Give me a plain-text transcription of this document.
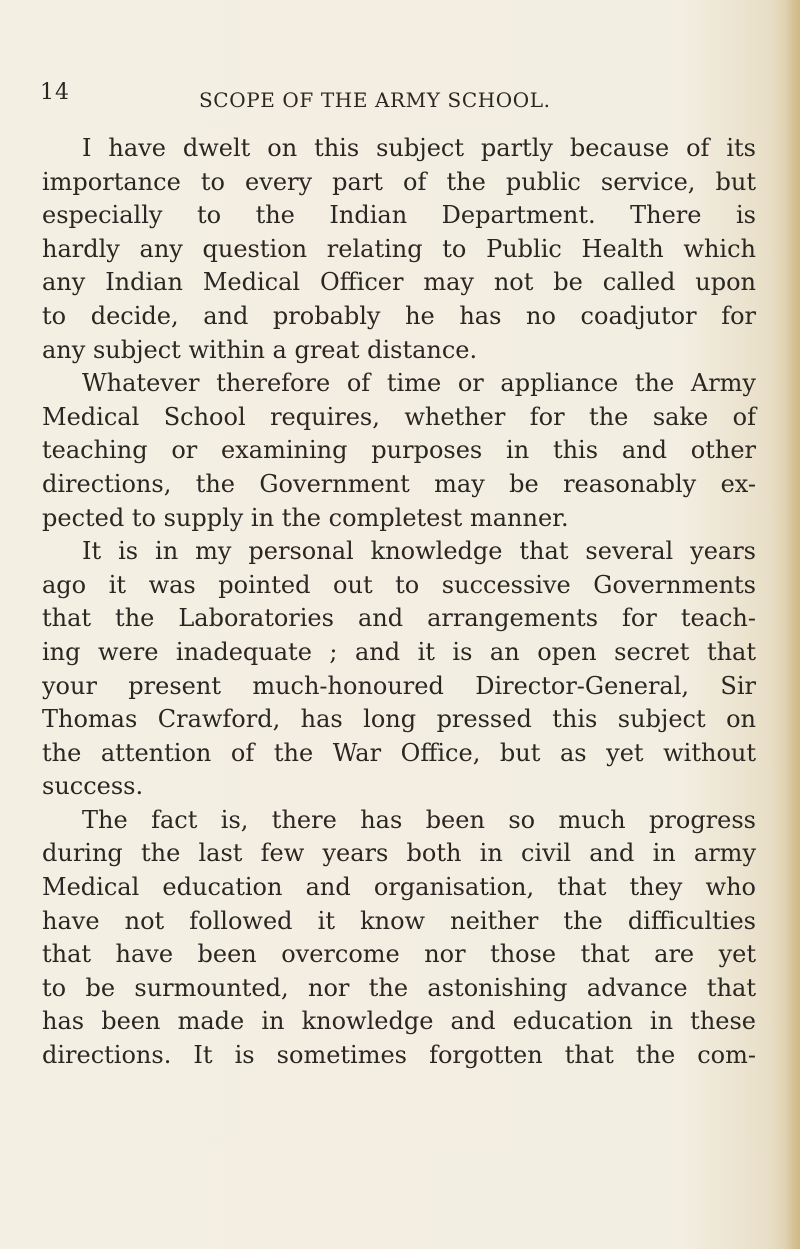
14	SCOPE OF THE ARMY SCHOOL.
I have dwelt on this subject partly because of its
importance to every part of the public service, but
especially to the Indian Department. There is
hardly any question relating to Public Health which
any Indian Medical Officer may not be called upon
to decide, and probably he has no coadjutor for
any subject within a great distance.
Whatever therefore of time or appliance the Army
Medical School requires, whether for the sake of
teaching or examining purposes in this and other
directions, the Government may be reasonably ex-
pected to supply in the completest manner.
It is in my personal knowledge that several years
ago it was pointed out to successive Governments
that the Laboratories and arrangements for teach-
ing were inadequate ; and it is an open secret that
your present much-honoured Director-General, Sir
Thomas Crawford, has long pressed this subject on
the attention of the War Office, but as yet without
success.
The fact is, there has been so much progress
during the last few years both in civil and in army
Medical education and organisation, that they who
have not followed it know neither the difficulties
that have been overcome nor those that are yet
to be surmounted, nor the astonishing advance that
has been made in knowledge and education in these
directions. It is sometimes forgotten that the com-
